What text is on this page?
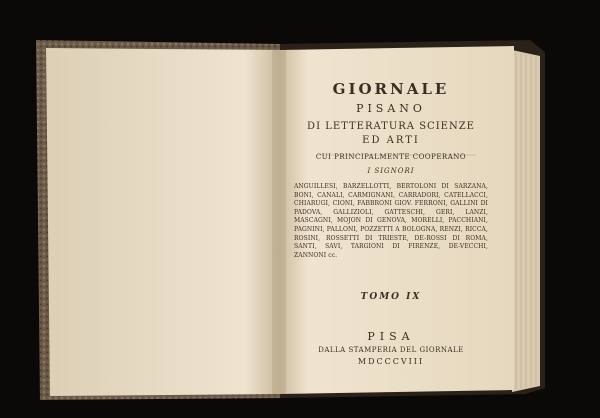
GIORNALE
PISANO
DI LETTERATURA SCIENZE
ED ARTI
CUI PRINCIPALMENTE COOPERANO
I SIGNORI
ANGUILLESI, BARZELLOTTI, BERTOLONI DI SARZANA, BONI, CANALI, CARMIGNANI, CARRADORI, CATELLACCI, CHIARUGI, CIONI, FABBRONI GIOV. FERRONI, GALLINI DI PADOVA, GALLIZIOLI, GATTESCHI, GERI, LANZI, MASCAGNI, MOJON DI GENOVA, MORELLI, PACCHIANI, PAGNINI, PALLONI, POZZETTI A BOLOGNA, RENZI, RICCA, ROSINI, ROSSETTI DI TRIESTE, DE-ROSSI DI ROMA, SANTI, SAVI, TARGIONI DI FIRENZE, DE-VECCHI, ZANNONI cc.
TOMO IX
PISA
DALLA STAMPERIA DEL GIORNALE
MDCCCVIII
